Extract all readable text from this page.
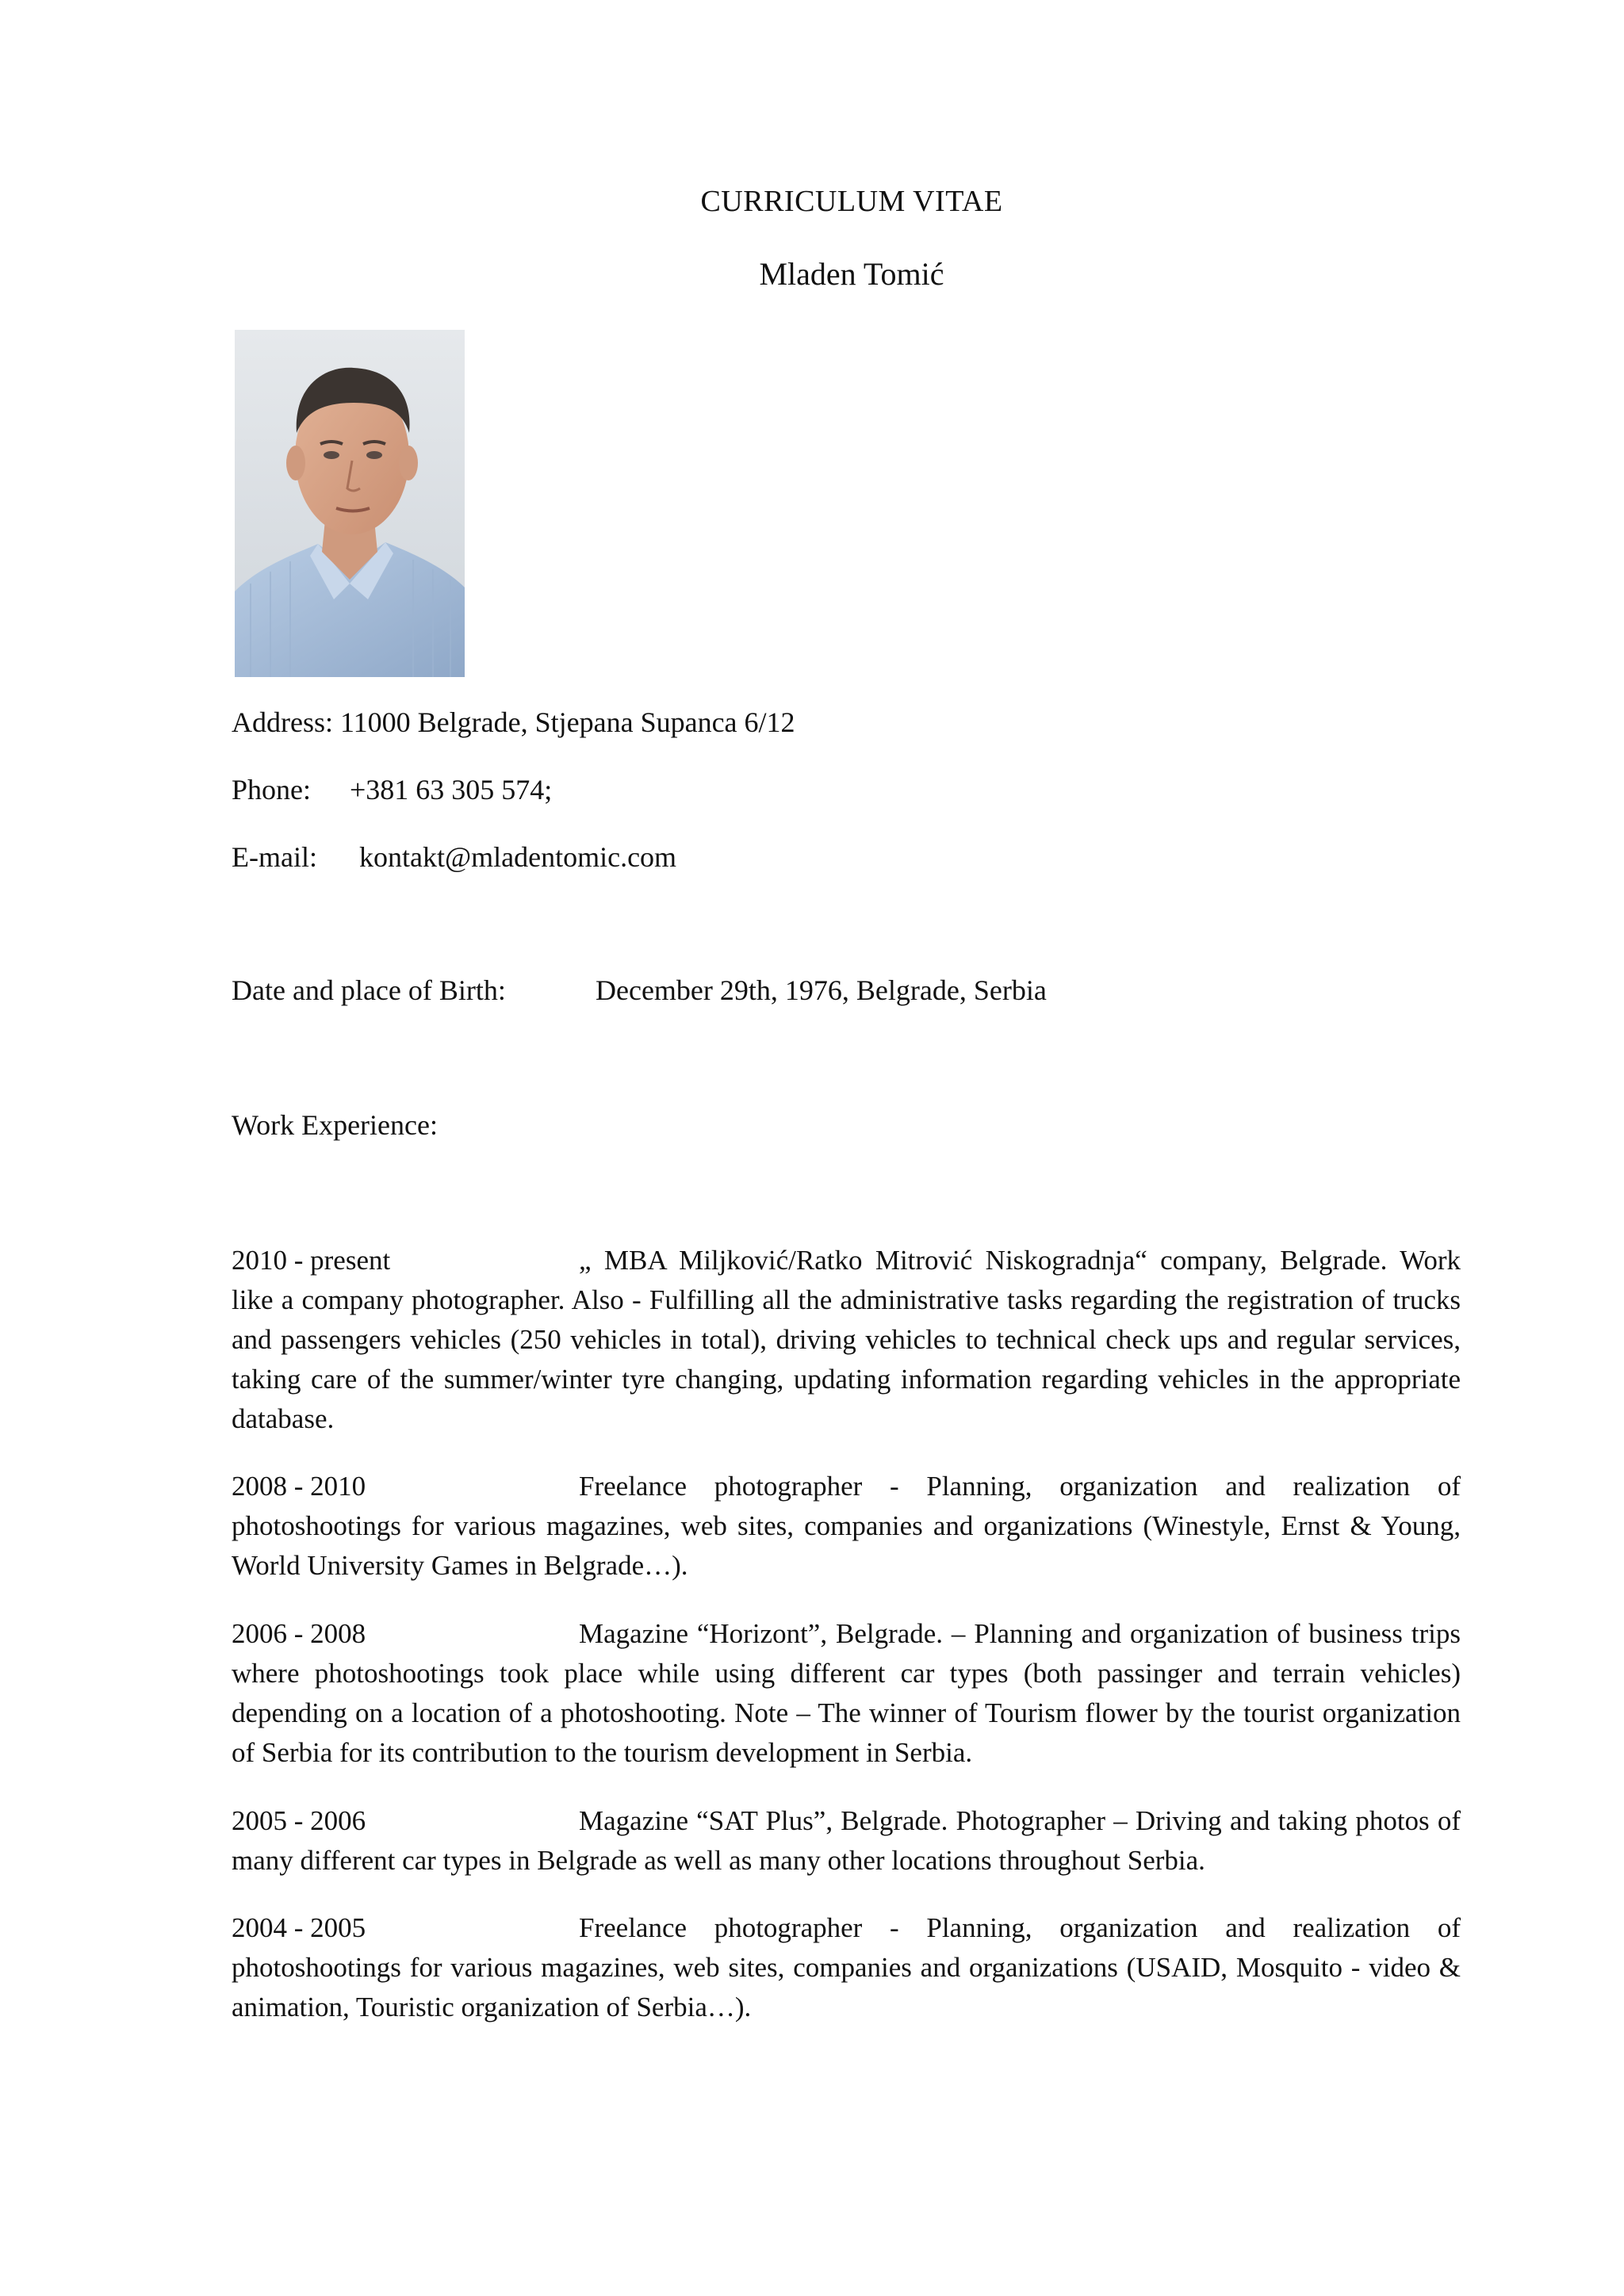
CURRICULUM VITAE
Mladen Tomić
Address: 11000 Belgrade, Stjepana Supanca 6/12
Phone: +381 63 305 574;
E-mail: kontakt@mladentomic.com
Date and place of Birth:	December 29th, 1976, Belgrade, Serbia
Work Experience:
2010 - present	„ MBA Miljković/Ratko Mitrović Niskogradnja“ company, Belgrade. Work like a company photographer. Also - Fulfilling all the administrative tasks regarding the registration of trucks and passengers vehicles (250 vehicles in total), driving vehicles to technical check ups and regular services, taking care of the summer/winter tyre changing, updating information regarding vehicles in the appropriate database.
2008 - 2010	Freelance photographer - Planning, organization and realization of photoshootings for various magazines, web sites, companies and organizations (Winestyle, Ernst & Young, World University Games in Belgrade…).
2006 - 2008	Magazine “Horizont”, Belgrade. – Planning and organization of business trips where photoshootings took place while using different car types (both passinger and terrain vehicles) depending on a location of a photoshooting. Note – The winner of Tourism flower by the tourist organization of Serbia for its contribution to the tourism development in Serbia.
2005 - 2006	Magazine “SAT Plus”, Belgrade. Photographer – Driving and taking photos of many different car types in Belgrade as well as many other locations throughout Serbia.
2004 - 2005	Freelance photographer - Planning, organization and realization of photoshootings for various magazines, web sites, companies and organizations (USAID, Mosquito - video & animation, Touristic organization of Serbia…).
